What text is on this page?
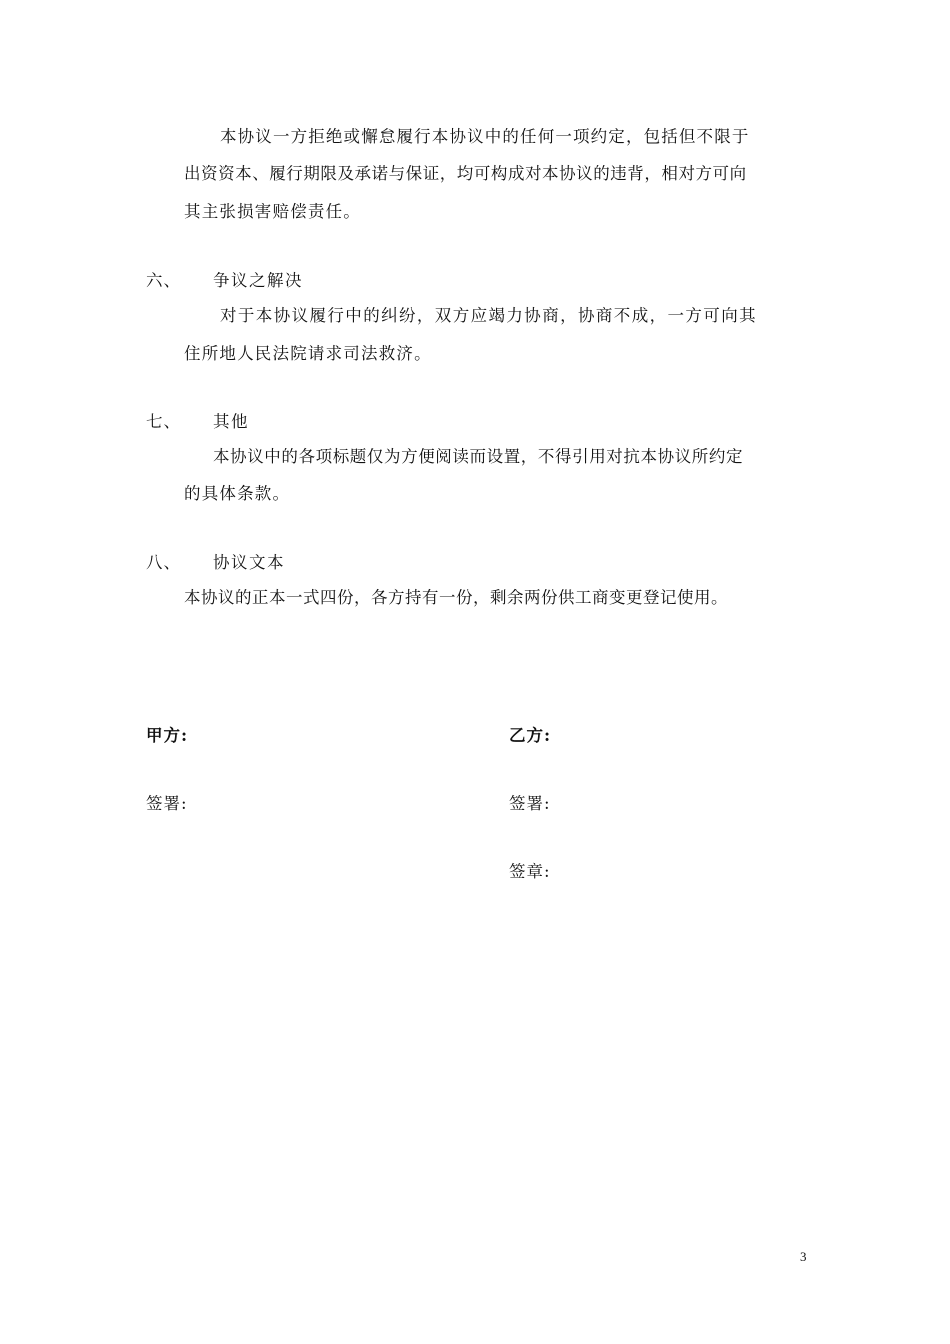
本协议一方拒绝或懈怠履行本协议中的任何一项约定，包括但不限于
出资资本、履行期限及承诺与保证，均可构成对本协议的违背，相对方可向
其主张损害赔偿责任。
六、 争议之解决
对于本协议履行中的纠纷，双方应竭力协商，协商不成，一方可向其
住所地人民法院请求司法救济。
七、 其他
本协议中的各项标题仅为方便阅读而设置，不得引用对抗本协议所约定
的具体条款。
八、 协议文本
本协议的正本一式四份，各方持有一份，剩余两份供工商变更登记使用。
甲方:
签署:
乙方:
签署:
签章:
3
